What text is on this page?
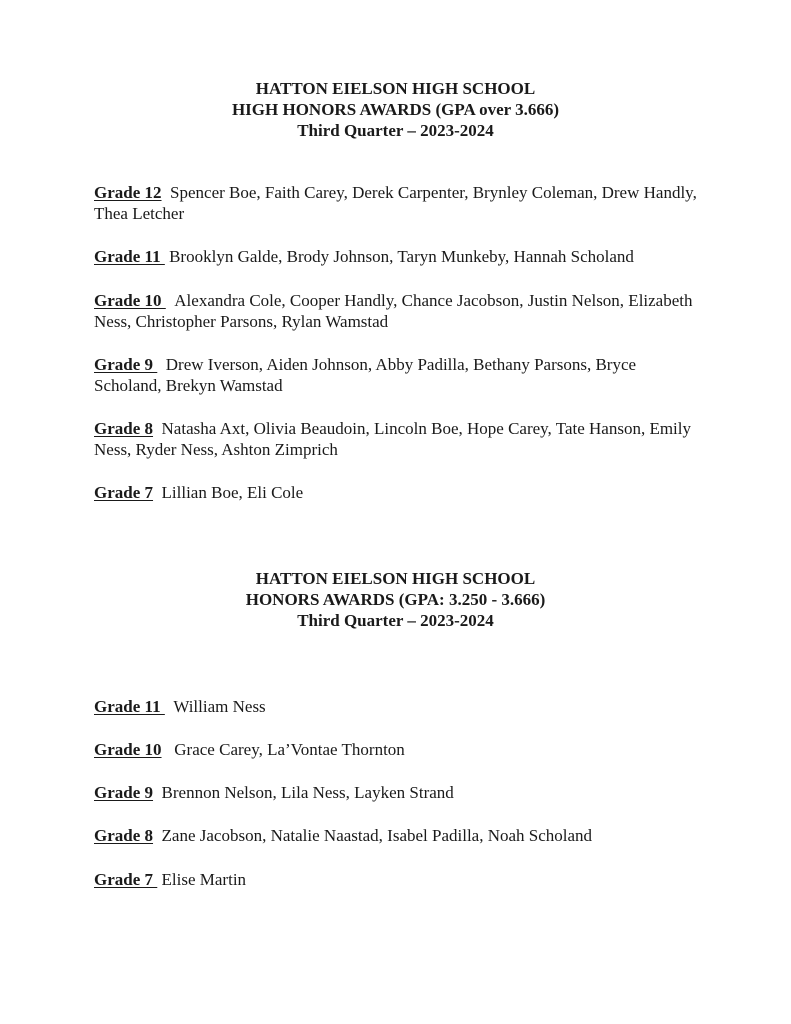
HATTON EIELSON HIGH SCHOOL
HIGH HONORS AWARDS (GPA over 3.666)
Third Quarter – 2023-2024
Grade 12 Spencer Boe, Faith Carey, Derek Carpenter, Brynley Coleman, Drew Handly, Thea Letcher
Grade 11  Brooklyn Galde, Brody Johnson, Taryn Munkeby, Hannah Scholand
Grade 10   Alexandra Cole, Cooper Handly, Chance Jacobson, Justin Nelson, Elizabeth Ness, Christopher Parsons, Rylan Wamstad
Grade 9   Drew Iverson, Aiden Johnson, Abby Padilla, Bethany Parsons, Bryce Scholand, Brekyn Wamstad
Grade 8 Natasha Axt, Olivia Beaudoin, Lincoln Boe, Hope Carey, Tate Hanson, Emily Ness, Ryder Ness, Ashton Zimprich
Grade 7 Lillian Boe, Eli Cole
HATTON EIELSON HIGH SCHOOL
HONORS AWARDS (GPA: 3.250 - 3.666)
Third Quarter – 2023-2024
Grade 11   William Ness
Grade 10 Grace Carey, La’Vontae Thornton
Grade 9 Brennon Nelson, Lila Ness, Layken Strand
Grade 8 Zane Jacobson, Natalie Naastad, Isabel Padilla, Noah Scholand
Grade 7  Elise Martin
